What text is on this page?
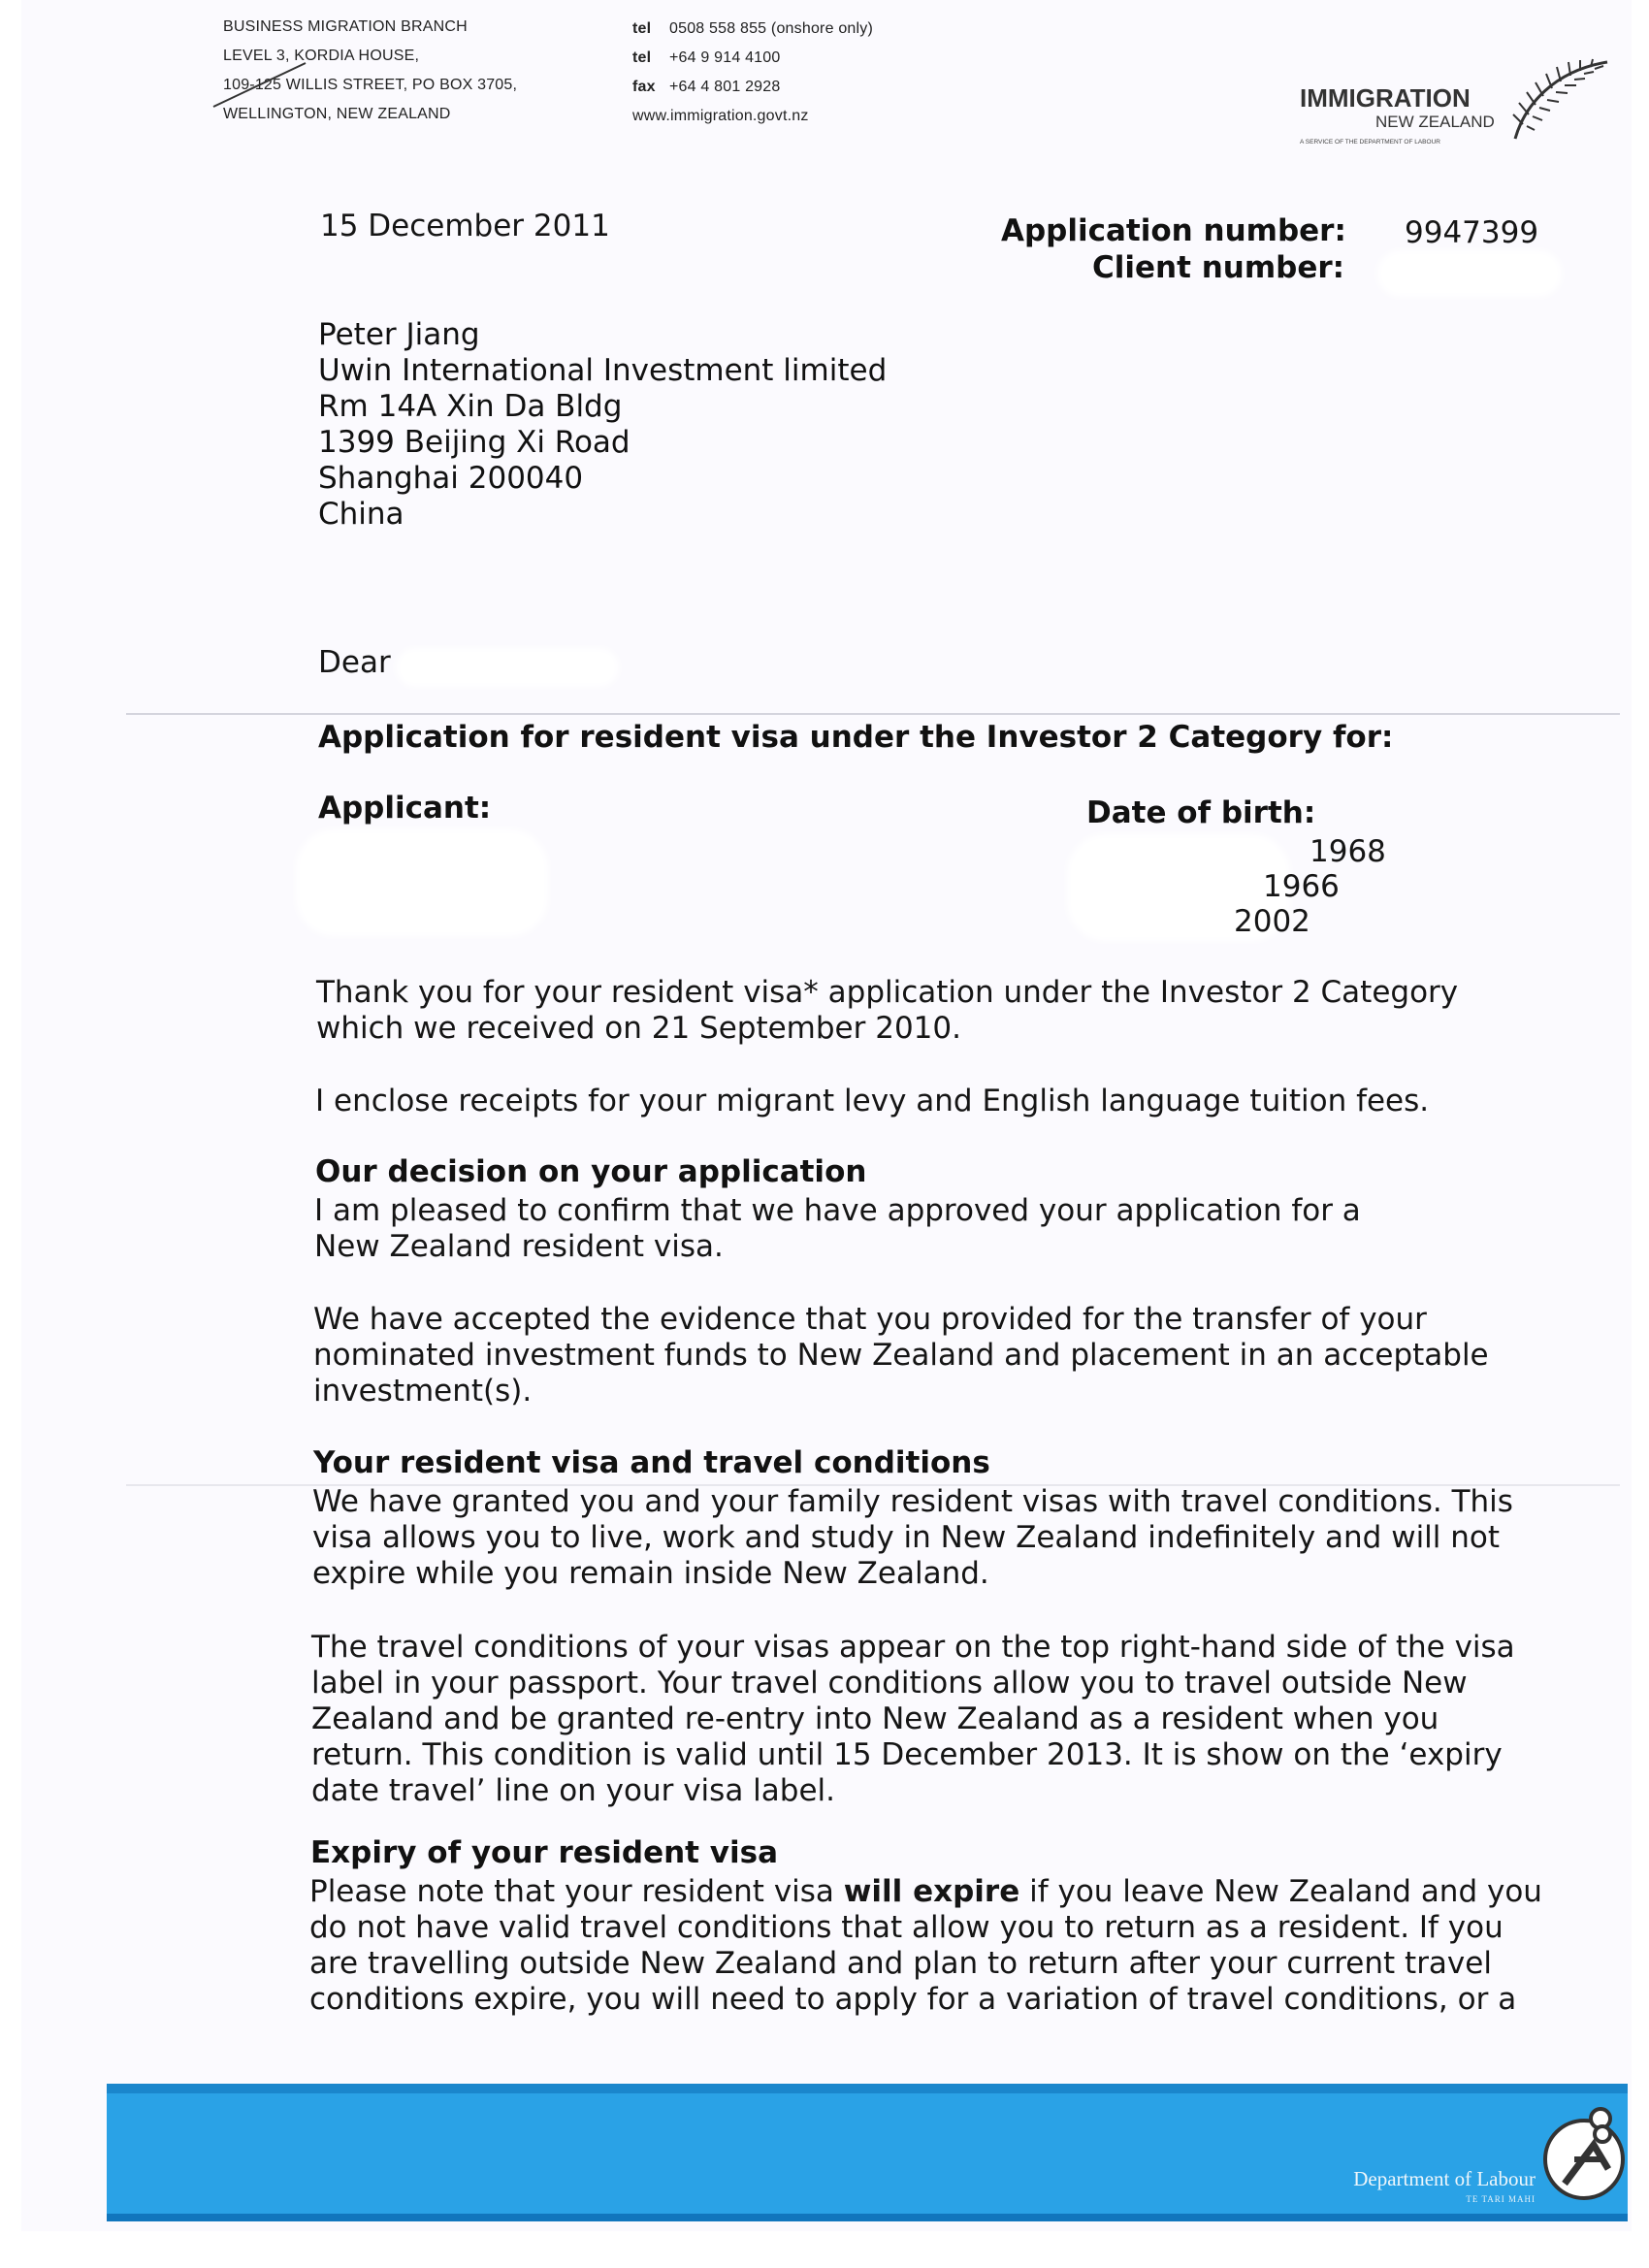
BUSINESS MIGRATION BRANCH
LEVEL 3, KORDIA HOUSE,
109-125 WILLIS STREET, PO BOX 3705,
WELLINGTON, NEW ZEALAND
tel 0508 558 855 (onshore only)
tel +64 9 914 4100
fax +64 4 801 2928
www.immigration.govt.nz
IMMIGRATION
NEW ZEALAND
A SERVICE OF THE DEPARTMENT OF LABOUR
15 December 2011	Application number: 9947399
Client number:
Peter Jiang
Uwin International Investment limited
Rm 14A Xin Da Bldg
1399 Beijing Xi Road
Shanghai 200040
China
Dear
Application for resident visa under the Investor 2 Category for:
Applicant:	Date of birth:
1968
1966
2002

Thank you for your resident visa* application under the Investor 2 Category

which we received on 21 September 2010.

I enclose receipts for your migrant levy and English language tuition fees.
Our decision on your application

I am pleased to confirm that we have approved your application for a

New Zealand resident visa.

We have accepted the evidence that you provided for the transfer of your

nominated investment funds to New Zealand and placement in an acceptable

investment(s).

Your resident visa and travel conditions

We have granted you and your family resident visas with travel conditions. This

visa allows you to live, work and study in New Zealand indefinitely and will not

expire while you remain inside New Zealand.

The travel conditions of your visas appear on the top right-hand side of the visa

label in your passport. Your travel conditions allow you to travel outside New

Zealand and be granted re-entry into New Zealand as a resident when you

return. This condition is valid until 15 December 2013. It is show on the ‘expiry

date travel’ line on your visa label.

Expiry of your resident visa

Please note that your resident visa will expire if you leave New Zealand and you

do not have valid travel conditions that allow you to return as a resident. If you

are travelling outside New Zealand and plan to return after your current travel

conditions expire, you will need to apply for a variation of travel conditions, or a

Department of Labour
TE TARI MAHI
